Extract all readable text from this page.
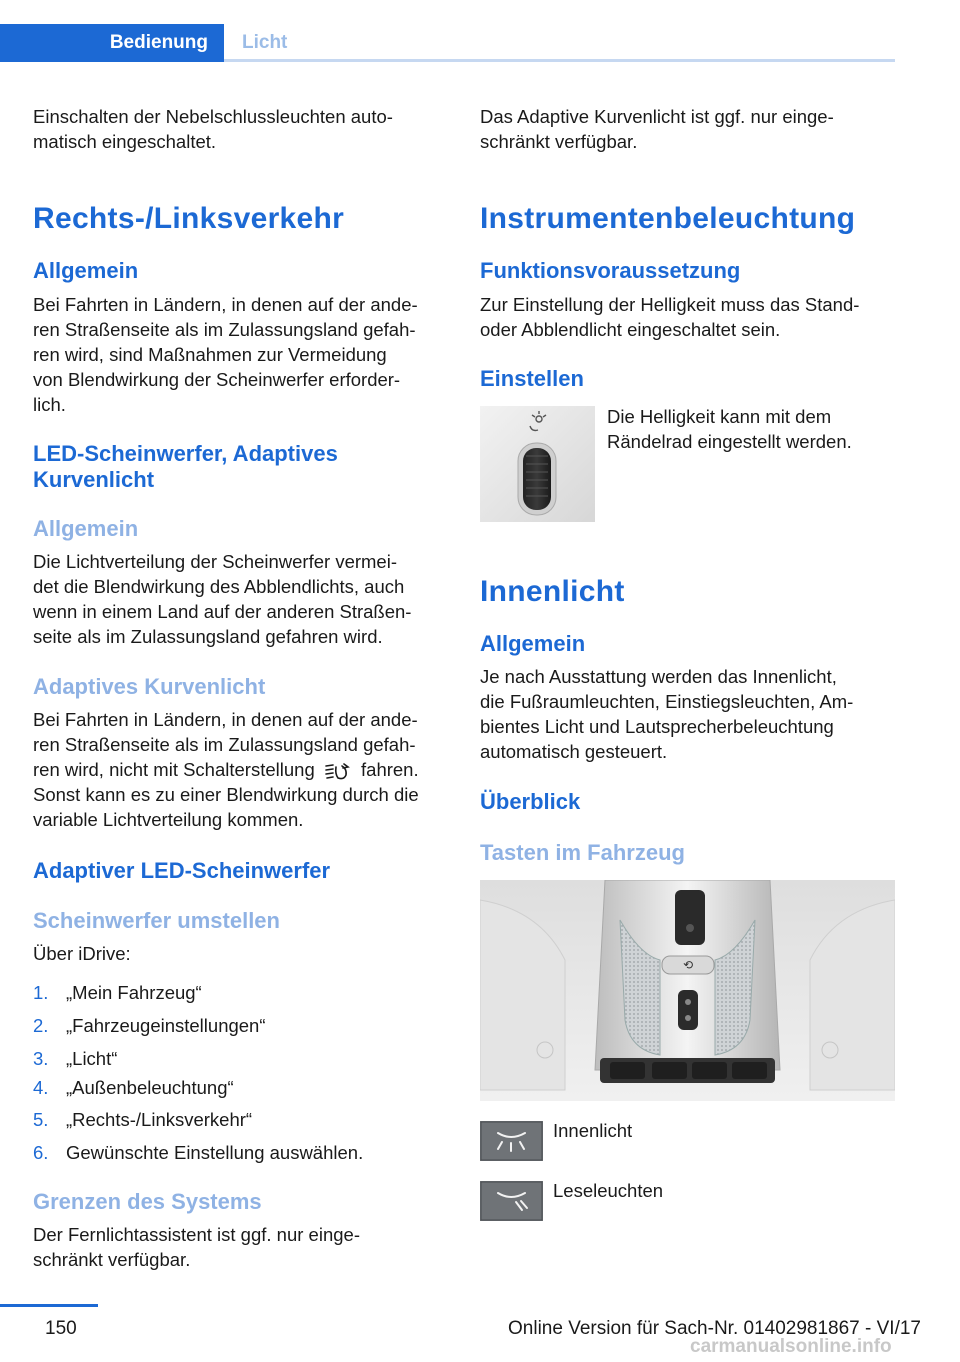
Bedienung	Licht

Einschalten der Nebelschlussleuchten auto-
matisch eingeschaltet.

Rechts-/Linksverkehr
Allgemein

Bei Fahrten in Ländern, in denen auf der ande-
ren Straßenseite als im Zulassungsland gefah-
ren wird, sind Maßnahmen zur Vermeidung
von Blendwirkung der Scheinwerfer erforder-
lich.

LED-Scheinwerfer, Adaptives
Kurvenlicht
Allgemein

Die Lichtverteilung der Scheinwerfer vermei-
det die Blendwirkung des Abblendlichts, auch
wenn in einem Land auf der anderen Straßen-
seite als im Zulassungsland gefahren wird.

Adaptives Kurvenlicht
Bei Fahrten in Ländern, in denen auf der ande-
ren Straßenseite als im Zulassungsland gefah-
ren wird, nicht mit Schalterstellung	fahren.
Sonst kann es zu einer Blendwirkung durch die
variable Lichtverteilung kommen.
Adaptiver LED-Scheinwerfer
Scheinwerfer umstellen

Über iDrive:

1. „Mein Fahrzeug“
2. „Fahrzeugeinstellungen“
3. „Licht“
4. „Außenbeleuchtung“
5. „Rechts-/Linksverkehr“
6. Gewünschte Einstellung auswählen.
Grenzen des Systems

Der Fernlichtassistent ist ggf. nur einge-
schränkt verfügbar.

Das Adaptive Kurvenlicht ist ggf. nur einge-
schränkt verfügbar.

Instrumentenbeleuchtung
Funktionsvoraussetzung

Zur Einstellung der Helligkeit muss das Stand-
oder Abblendlicht eingeschaltet sein.

Einstellen

Die Helligkeit kann mit dem
Rändelrad eingestellt werden.

Innenlicht
Allgemein

Je nach Ausstattung werden das Innenlicht,
die Fußraumleuchten, Einstiegsleuchten, Am-
bientes Licht und Lautsprecherbeleuchtung
automatisch gesteuert.

Überblick
Tasten im Fahrzeug
⟲
Innenlicht
Leseleuchten
150	Online Version für Sach-Nr. 01402981867 - VI/17
carmanualsonline.info
